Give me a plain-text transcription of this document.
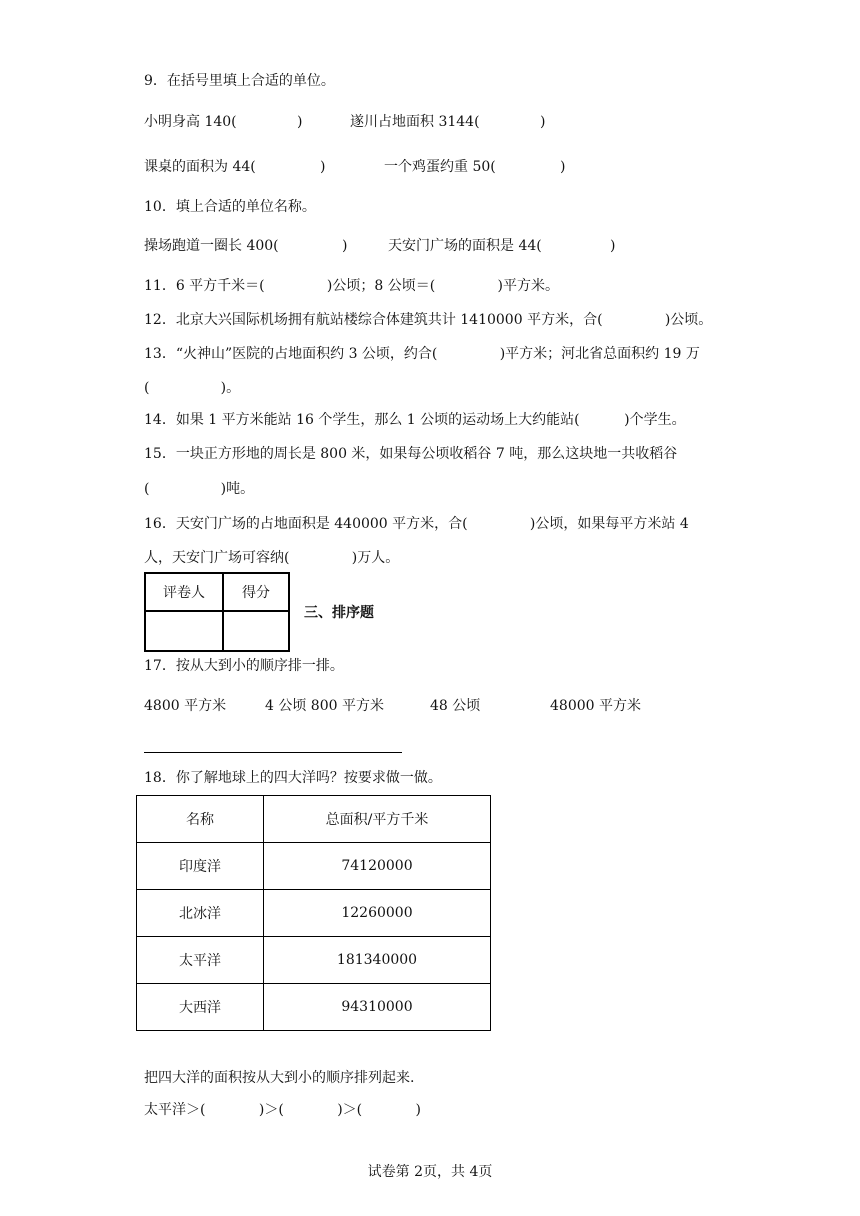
9．在括号里填上合适的单位。
小明身高 140(	)	遂川占地面积 3144(	)
课桌的面积为 44(	)	一个鸡蛋约重 50(	)
10．填上合适的单位名称。
操场跑道一圈长 400(	)	天安门广场的面积是 44(	)
11．6 平方千米＝(              )公顷；8 公顷＝(              )平方米。
12．北京大兴国际机场拥有航站楼综合体建筑共计 1410000 平方米，合(              )公顷。
13．“火神山”医院的占地面积约 3 公顷，约合(              )平方米；河北省总面积约 19 万
(                )。
14．如果 1 平方米能站 16 个学生，那么 1 公顷的运动场上大约能站(          )个学生。
15．一块正方形地的周长是 800 米，如果每公顷收稻谷 7 吨，那么这块地一共收稻谷
(                )吨。
16．天安门广场的占地面积是 440000 平方米，合(              )公顷，如果每平方米站 4
人，天安门广场可容纳(              )万人。
评卷人	得分

三、排序题
17．按从大到小的顺序排一排。
4800 平方米	4 公顷 800 平方米	48 公顷	48000 平方米
18．你了解地球上的四大洋吗？按要求做一做。
名称	总面积/平方千米
印度洋	74120000
北冰洋	12260000
太平洋	181340000
大西洋	94310000
把四大洋的面积按从大到小的顺序排列起来.
太平洋＞(            )＞(            )＞(            )
试卷第 2页，共 4页
